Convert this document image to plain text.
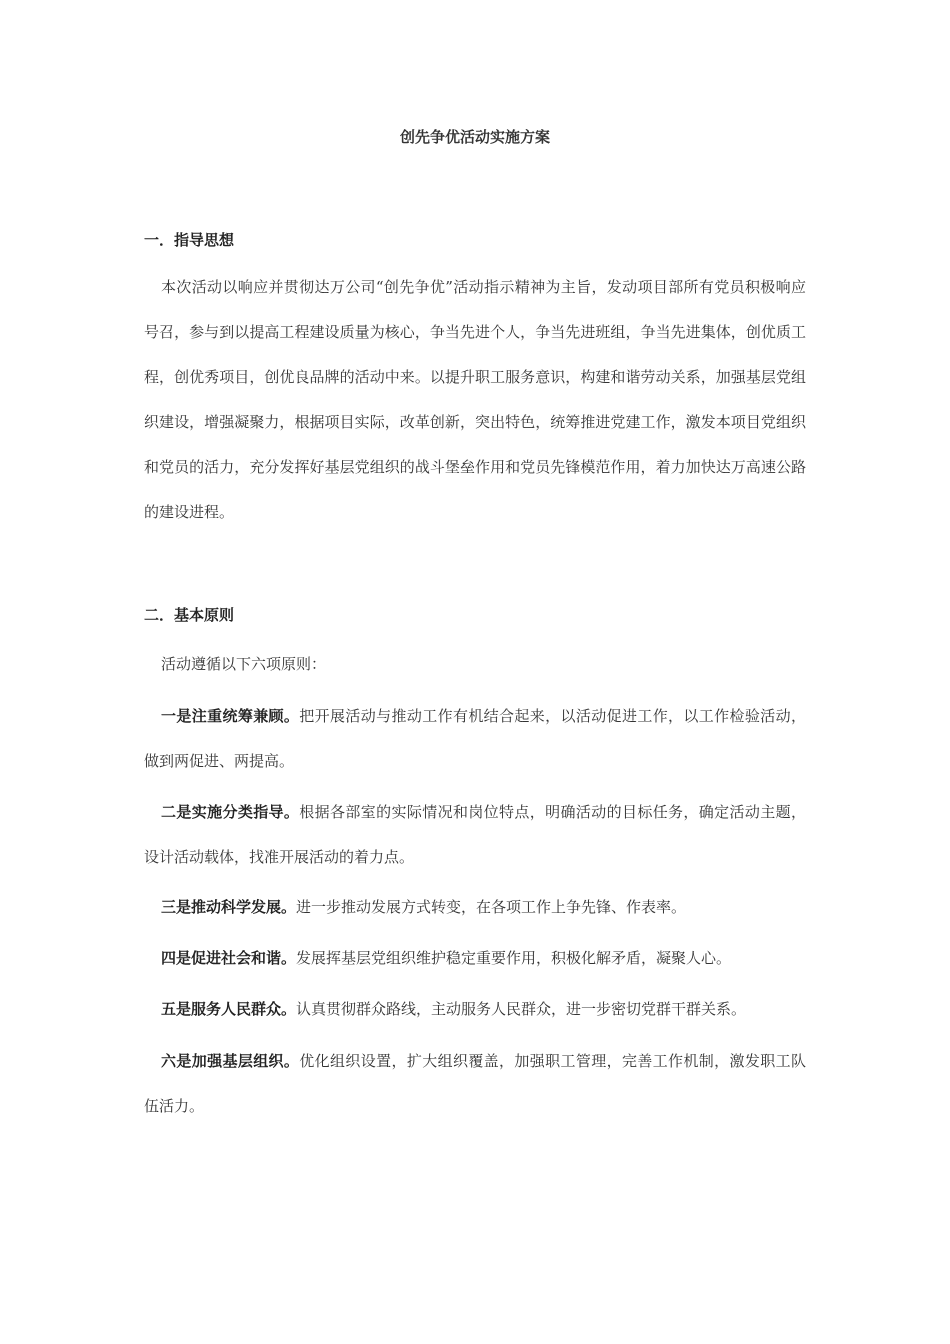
创先争优活动实施方案
一．指导思想
本次活动以响应并贯彻达万公司“创先争优”活动指示精神为主旨，发动项目部所有党员积极响应号召，参与到以提高工程建设质量为核心，争当先进个人，争当先进班组，争当先进集体，创优质工程，创优秀项目，创优良品牌的活动中来。以提升职工服务意识，构建和谐劳动关系，加强基层党组织建设，增强凝聚力，根据项目实际，改革创新，突出特色，统筹推进党建工作，激发本项目党组织和党员的活力，充分发挥好基层党组织的战斗堡垒作用和党员先锋模范作用，着力加快达万高速公路的建设进程。
二．基本原则
活动遵循以下六项原则：
一是注重统筹兼顾。把开展活动与推动工作有机结合起来，以活动促进工作，以工作检验活动，做到两促进、两提高。
二是实施分类指导。根据各部室的实际情况和岗位特点，明确活动的目标任务，确定活动主题，设计活动载体，找准开展活动的着力点。
三是推动科学发展。进一步推动发展方式转变，在各项工作上争先锋、作表率。
四是促进社会和谐。发展挥基层党组织维护稳定重要作用，积极化解矛盾，凝聚人心。
五是服务人民群众。认真贯彻群众路线，主动服务人民群众，进一步密切党群干群关系。
六是加强基层组织。优化组织设置，扩大组织覆盖，加强职工管理，完善工作机制，激发职工队伍活力。
